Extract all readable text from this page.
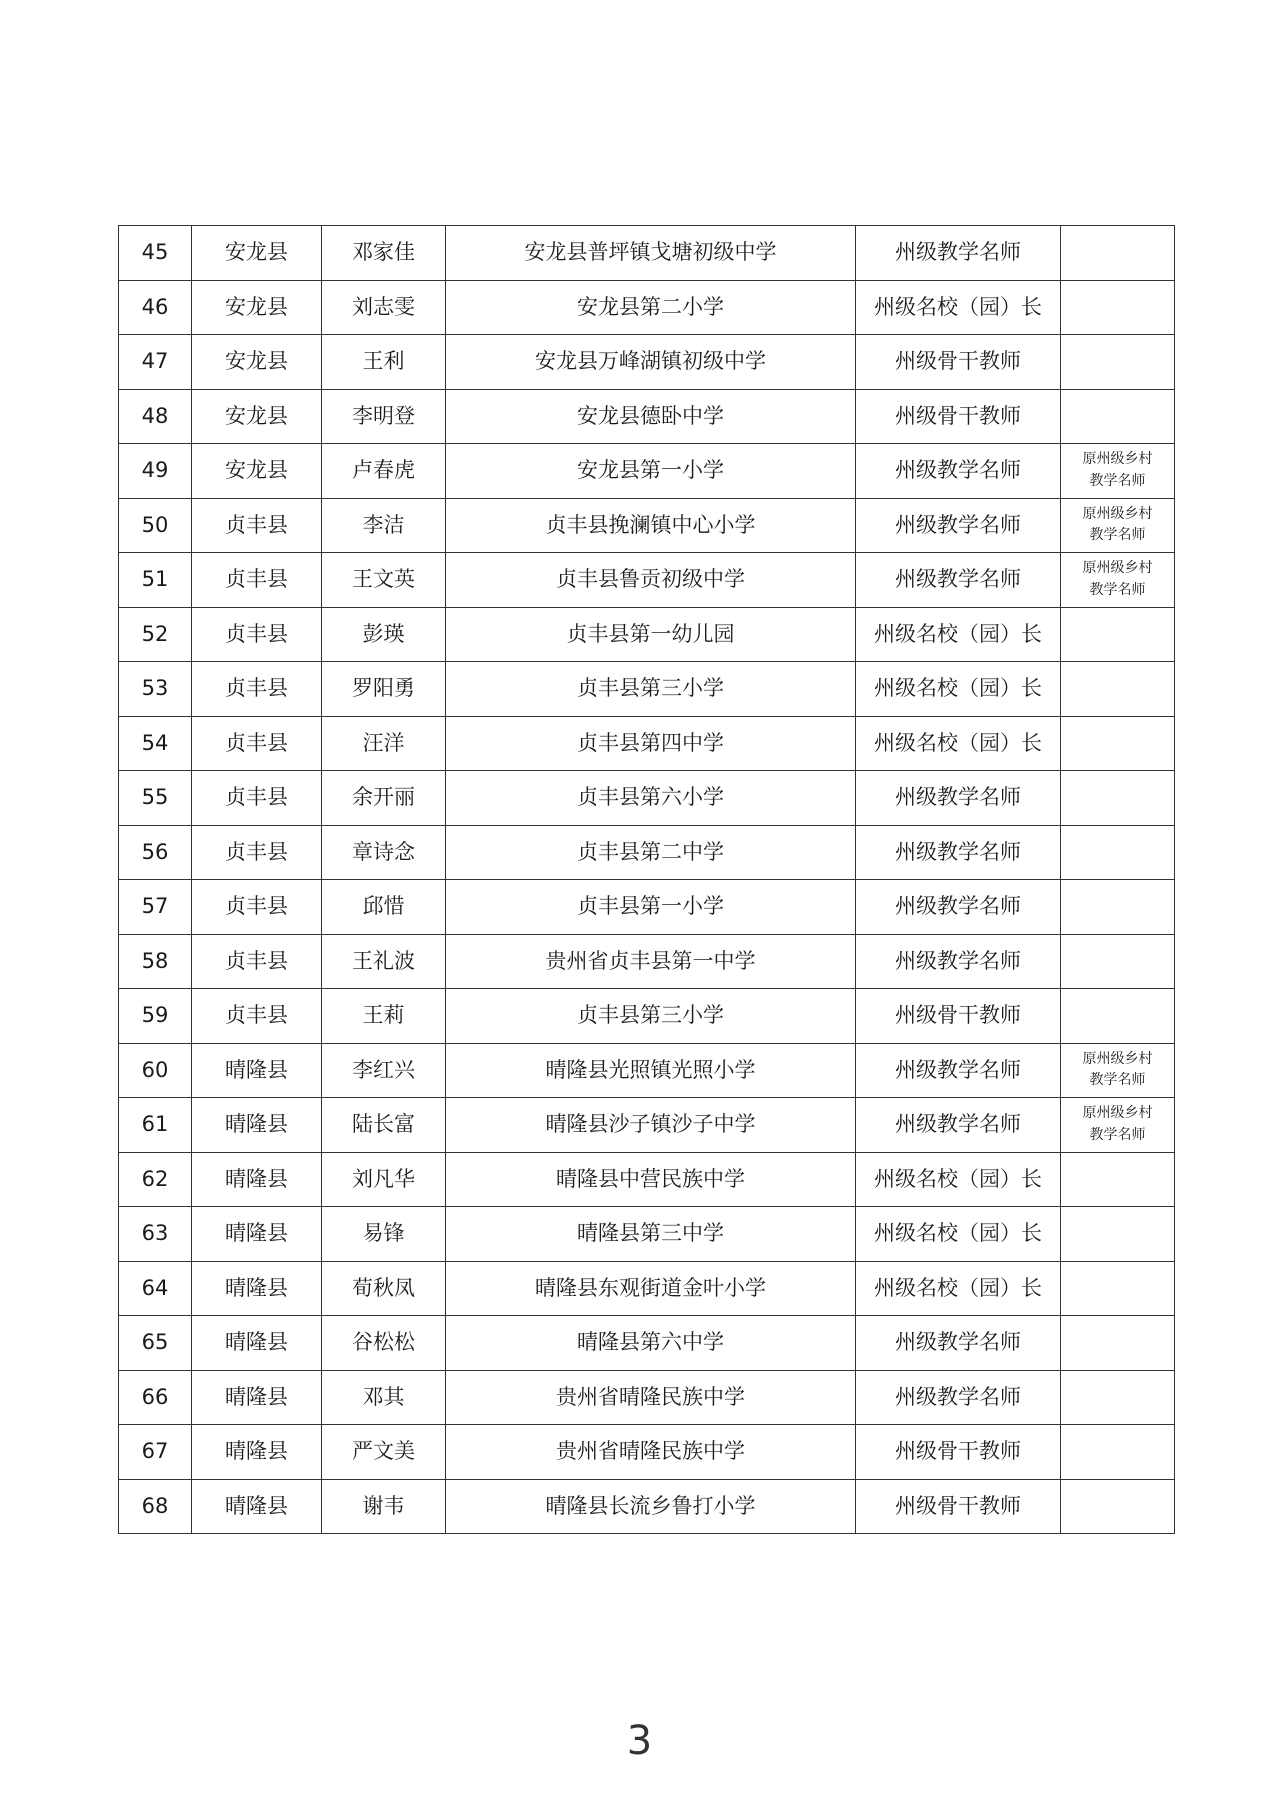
45	安龙县	邓家佳	安龙县普坪镇戈塘初级中学	州级教学名师	
46	安龙县	刘志雯	安龙县第二小学	州级名校（园）长	
47	安龙县	王利	安龙县万峰湖镇初级中学	州级骨干教师	
48	安龙县	李明登	安龙县德卧中学	州级骨干教师	
49	安龙县	卢春虎	安龙县第一小学	州级教学名师	原州级乡村教学名师
50	贞丰县	李洁	贞丰县挽澜镇中心小学	州级教学名师	原州级乡村教学名师
51	贞丰县	王文英	贞丰县鲁贡初级中学	州级教学名师	原州级乡村教学名师
52	贞丰县	彭瑛	贞丰县第一幼儿园	州级名校（园）长	
53	贞丰县	罗阳勇	贞丰县第三小学	州级名校（园）长	
54	贞丰县	汪洋	贞丰县第四中学	州级名校（园）长	
55	贞丰县	余开丽	贞丰县第六小学	州级教学名师	
56	贞丰县	章诗念	贞丰县第二中学	州级教学名师	
57	贞丰县	邱惜	贞丰县第一小学	州级教学名师	
58	贞丰县	王礼波	贵州省贞丰县第一中学	州级教学名师	
59	贞丰县	王莉	贞丰县第三小学	州级骨干教师	
60	晴隆县	李红兴	晴隆县光照镇光照小学	州级教学名师	原州级乡村教学名师
61	晴隆县	陆长富	晴隆县沙子镇沙子中学	州级教学名师	原州级乡村教学名师
62	晴隆县	刘凡华	晴隆县中营民族中学	州级名校（园）长	
63	晴隆县	易锋	晴隆县第三中学	州级名校（园）长	
64	晴隆县	荀秋凤	晴隆县东观街道金叶小学	州级名校（园）长	
65	晴隆县	谷松松	晴隆县第六中学	州级教学名师	
66	晴隆县	邓其	贵州省晴隆民族中学	州级教学名师	
67	晴隆县	严文美	贵州省晴隆民族中学	州级骨干教师	
68	晴隆县	谢韦	晴隆县长流乡鲁打小学	州级骨干教师	
3
